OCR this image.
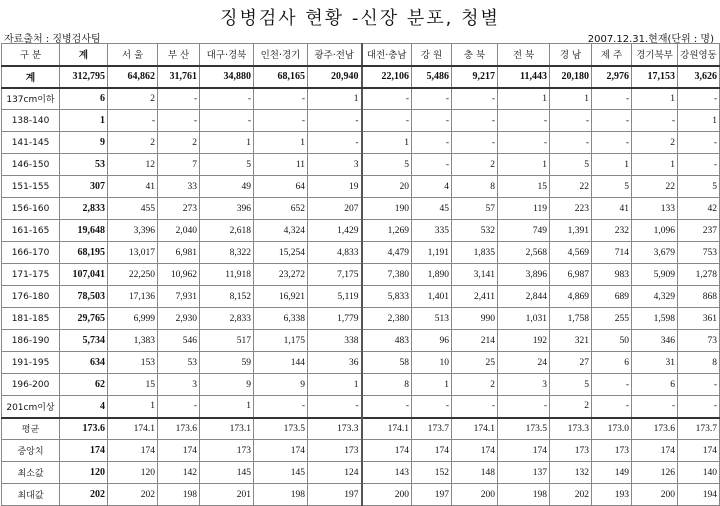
징병검사 현황 -신장 분포, 청별
자료출처 : 징병검사팀	2007.12.31.현재(단위 : 명)
구 분	계	서 울	부 산	대구·경북	인천·경기	광주·전남	대전·충남	강 원	충 북	전 북	경 남	제 주	경기북부	강원영동
계	312,795	64,862	31,761	34,880	68,165	20,940	22,106	5,486	9,217	11,443	20,180	2,976	17,153	3,626
137cm이하	6	2	-	-	-	1	-	-	-	1	1	-	1	-
138-140	1	-	-	-	-	-	-	-	-	-	-	-	-	1
141-145	9	2	2	1	1	-	1	-	-	-	-	-	2	-
146-150	53	12	7	5	11	3	5	-	2	1	5	1	1	-
151-155	307	41	33	49	64	19	20	4	8	15	22	5	22	5
156-160	2,833	455	273	396	652	207	190	45	57	119	223	41	133	42
161-165	19,648	3,396	2,040	2,618	4,324	1,429	1,269	335	532	749	1,391	232	1,096	237
166-170	68,195	13,017	6,981	8,322	15,254	4,833	4,479	1,191	1,835	2,568	4,569	714	3,679	753
171-175	107,041	22,250	10,962	11,918	23,272	7,175	7,380	1,890	3,141	3,896	6,987	983	5,909	1,278
176-180	78,503	17,136	7,931	8,152	16,921	5,119	5,833	1,401	2,411	2,844	4,869	689	4,329	868
181-185	29,765	6,999	2,930	2,833	6,338	1,779	2,380	513	990	1,031	1,758	255	1,598	361
186-190	5,734	1,383	546	517	1,175	338	483	96	214	192	321	50	346	73
191-195	634	153	53	59	144	36	58	10	25	24	27	6	31	8
196-200	62	15	3	9	9	1	8	1	2	3	5	-	6	-
201cm이상	4	1	-	1	-	-	-	-	-	-	2	-	-	-
평균	173.6	174.1	173.6	173.1	173.5	173.3	174.1	173.7	174.1	173.5	173.3	173.0	173.6	173.7
중앙치	174	174	174	173	174	173	174	174	174	174	173	173	174	174
최소값	120	120	142	145	145	124	143	152	148	137	132	149	126	140
최대값	202	202	198	201	198	197	200	197	200	198	202	193	200	194
